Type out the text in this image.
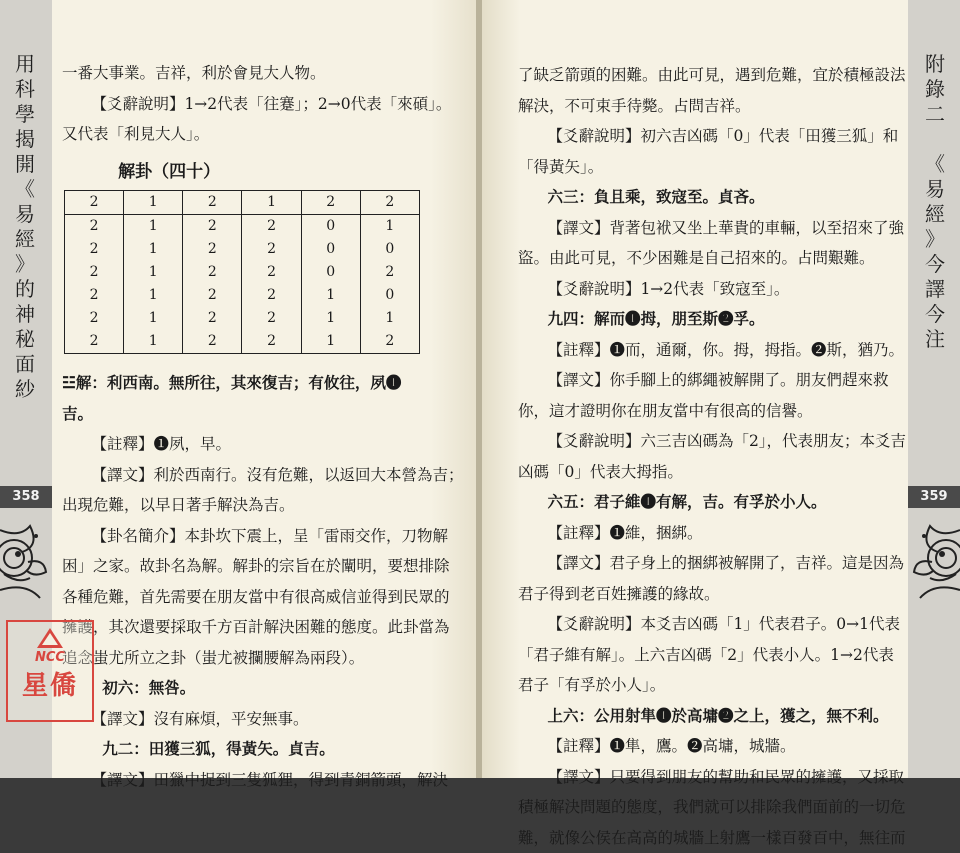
用
科
學
揭
開
《
易
經
》
的
神
秘
面
紗
358
一番大事業。吉祥，利於會見大人物。
【爻辭說明】1→2代表「往蹇」；2→0代表「來碩」。
又代表「利見大人」。
解卦（四十）
2	1	2	1	2	2
2	1	2	2	0	1
2	1	2	2	0	0
2	1	2	2	0	2
2	1	2	2	1	0
2	1	2	2	1	1
2	1	2	2	1	2
☳解：利西南。無所往，其來復吉；有攸往，夙❶
吉。
【註釋】❶夙，早。
【譯文】利於西南行。沒有危難，以返回大本營為吉；
出現危難，以早日著手解決為吉。
【卦名簡介】本卦坎下震上，呈「雷雨交作，刀物解
困」之家。故卦名為解。解卦的宗旨在於闡明，要想排除
各種危難，首先需要在朋友當中有很高威信並得到民眾的
擁護，其次還要採取千方百計解決困難的態度。此卦當為
追念蚩尤所立之卦（蚩尤被攔腰解為兩段）。
初六：無咎。
【譯文】沒有麻煩，平安無事。
九二：田獲三狐，得黃矢。貞吉。
【譯文】田獵中捉到三隻狐狸，得到青銅箭頭，解決
NCC
星僑
附
錄
二

《
易
經
》
今
譯
今
注
359
了缺乏箭頭的困難。由此可見，遇到危難，宜於積極設法
解決，不可束手待斃。占問吉祥。
【爻辭說明】初六吉凶碼「0」代表「田獲三狐」和
「得黃矢」。
六三：負且乘，致寇至。貞吝。
【譯文】背著包袱又坐上華貴的車輛，以至招來了強
盜。由此可見，不少困難是自己招來的。占問艱難。
【爻辭說明】1→2代表「致寇至」。
九四：解而❶拇，朋至斯❷孚。
【註釋】❶而，通爾，你。拇，拇指。❷斯，猶乃。
【譯文】你手腳上的綁繩被解開了。朋友們趕來救
你，這才證明你在朋友當中有很高的信譽。
【爻辭說明】六三吉凶碼為「2」，代表朋友；本爻吉
凶碼「0」代表大拇指。
六五：君子維❶有解，吉。有孚於小人。
【註釋】❶維，捆綁。
【譯文】君子身上的捆綁被解開了，吉祥。這是因為
君子得到老百姓擁護的緣故。
【爻辭說明】本爻吉凶碼「1」代表君子。0→1代表
「君子維有解」。上六吉凶碼「2」代表小人。1→2代表
君子「有孚於小人」。
上六：公用射隼❶於高墉❷之上，獲之，無不利。
【註釋】❶隼，鷹。❷高墉，城牆。
【譯文】只要得到朋友的幫助和民眾的擁護，又採取
積極解決問題的態度，我們就可以排除我們面前的一切危
難，就像公侯在高高的城牆上射鷹一樣百發百中，無往而
